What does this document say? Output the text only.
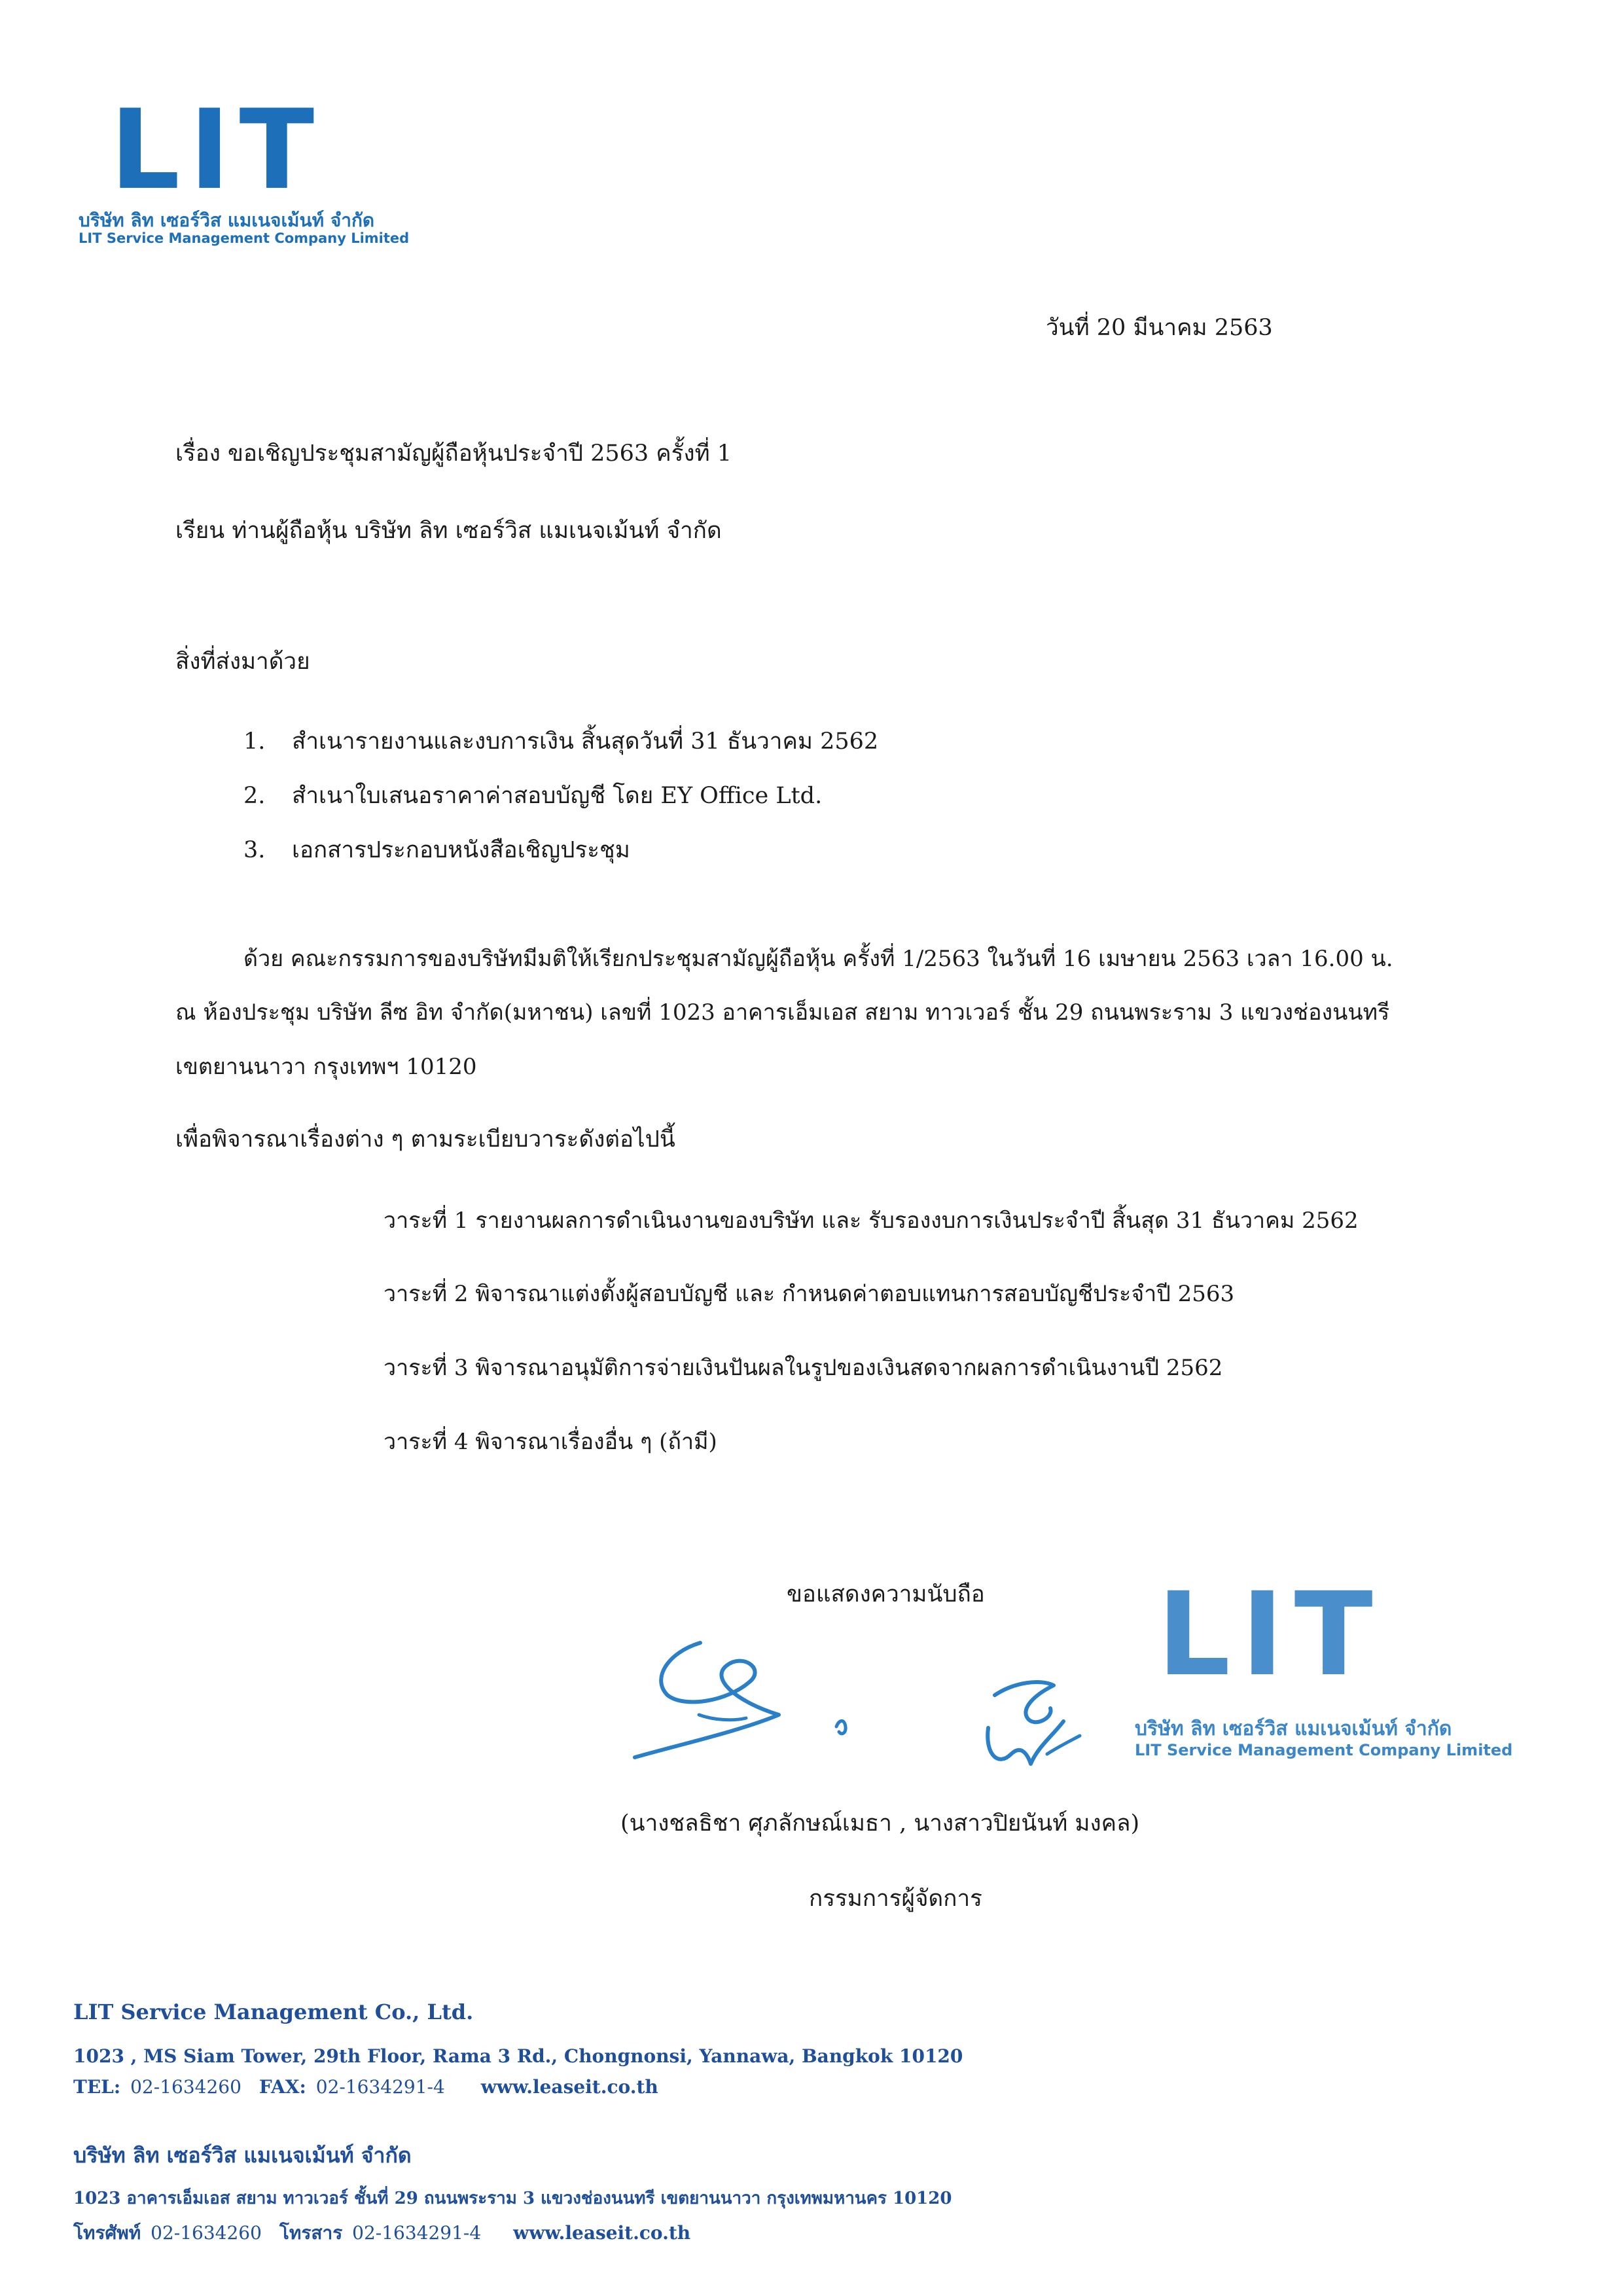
LIT
บริษัท ลิท เซอร์วิส แมเนจเม้นท์ จำกัด
LIT Service Management Company Limited
วันที่ 20 มีนาคม 2563
เรื่อง ขอเชิญประชุมสามัญผู้ถือหุ้นประจำปี 2563 ครั้งที่ 1
เรียน ท่านผู้ถือหุ้น บริษัท ลิท เซอร์วิส แมเนจเม้นท์ จำกัด
สิ่งที่ส่งมาด้วย
1. สำเนารายงานและงบการเงิน สิ้นสุดวันที่ 31 ธันวาคม 2562
2. สำเนาใบเสนอราคาค่าสอบบัญชี โดย EY Office Ltd.
3. เอกสารประกอบหนังสือเชิญประชุม
ด้วย คณะกรรมการของบริษัทมีมติให้เรียกประชุมสามัญผู้ถือหุ้น ครั้งที่ 1/2563 ในวันที่ 16 เมษายน 2563 เวลา 16.00 น.
ณ ห้องประชุม บริษัท ลีซ อิท จำกัด(มหาชน) เลขที่ 1023 อาคารเอ็มเอส สยาม ทาวเวอร์ ชั้น 29 ถนนพระราม 3 แขวงช่องนนทรี
เขตยานนาวา กรุงเทพฯ 10120
เพื่อพิจารณาเรื่องต่าง ๆ ตามระเบียบวาระดังต่อไปนี้
วาระที่ 1 รายงานผลการดำเนินงานของบริษัท และ รับรองงบการเงินประจำปี สิ้นสุด 31 ธันวาคม 2562
วาระที่ 2 พิจารณาแต่งตั้งผู้สอบบัญชี และ กำหนดค่าตอบแทนการสอบบัญชีประจำปี 2563
วาระที่ 3 พิจารณาอนุมัติการจ่ายเงินปันผลในรูปของเงินสดจากผลการดำเนินงานปี 2562
วาระที่ 4 พิจารณาเรื่องอื่น ๆ (ถ้ามี)
ขอแสดงความนับถือ LIT
บริษัท ลิท เซอร์วิส แมเนจเม้นท์ จำกัด
LIT Service Management Company Limited
(นางชลธิชา ศุภลักษณ์เมธา , นางสาวปิยนันท์ มงคล)
กรรมการผู้จัดการ
LIT Service Management Co., Ltd.
1023 , MS Siam Tower, 29th Floor, Rama 3 Rd., Chongnonsi, Yannawa, Bangkok 10120
TEL: 02-1634260 FAX: 02-1634291-4 www.leaseit.co.th
บริษัท ลิท เซอร์วิส แมเนจเม้นท์ จำกัด
1023 อาคารเอ็มเอส สยาม ทาวเวอร์ ชั้นที่ 29 ถนนพระราม 3 แขวงช่องนนทรี เขตยานนาวา กรุงเทพมหานคร 10120
โทรศัพท์ 02-1634260 โทรสาร 02-1634291-4 www.leaseit.co.th
